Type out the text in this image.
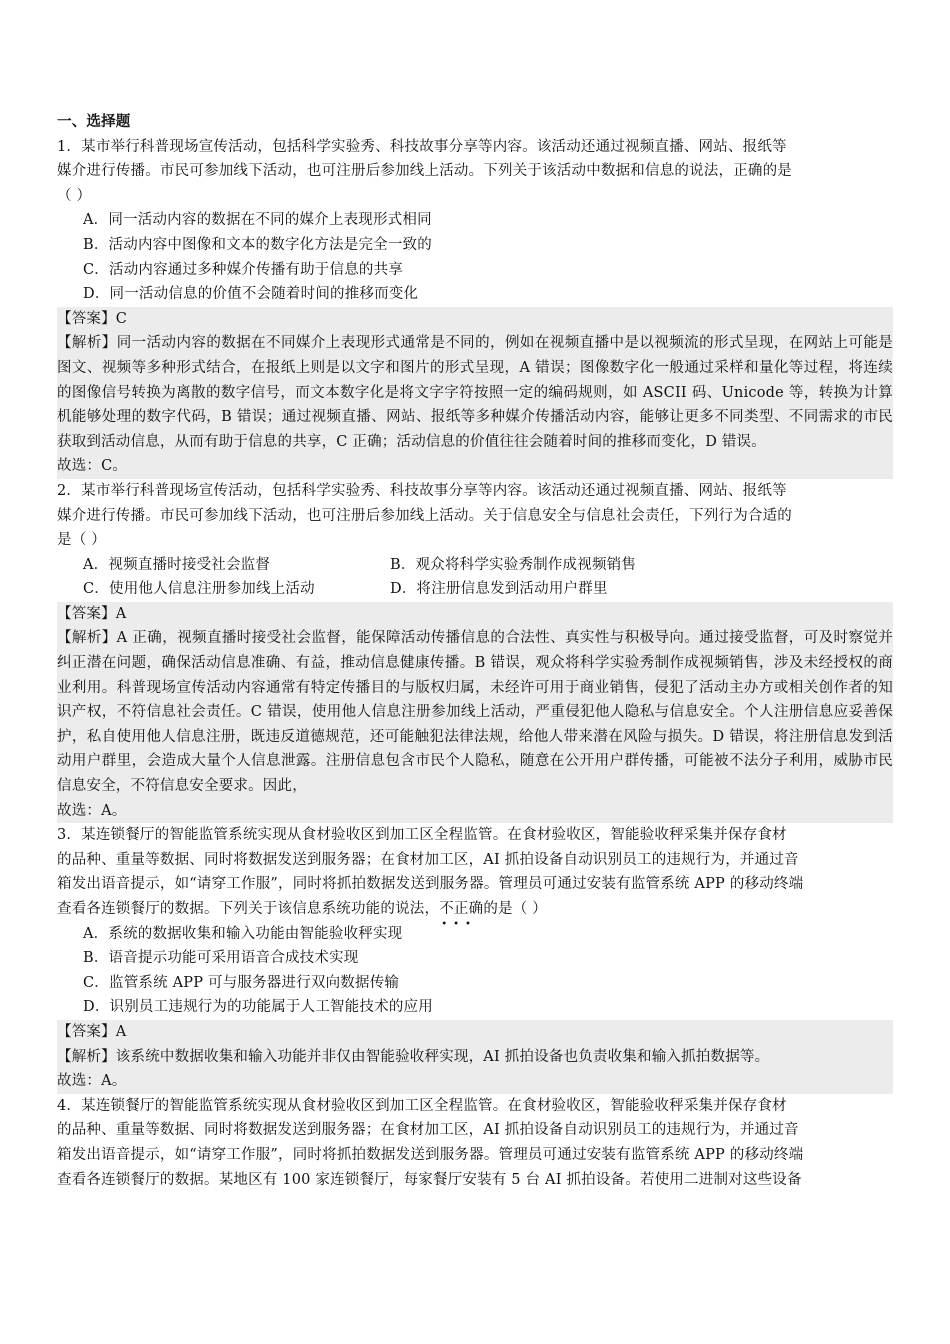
一、选择题
1．某市举行科普现场宣传活动，包括科学实验秀、科技故事分享等内容。该活动还通过视频直播、网站、报纸等
媒介进行传播。市民可参加线下活动，也可注册后参加线上活动。下列关于该活动中数据和信息的说法，正确的是
（ ）
A．同一活动内容的数据在不同的媒介上表现形式相同
B．活动内容中图像和文本的数字化方法是完全一致的
C．活动内容通过多种媒介传播有助于信息的共享
D．同一活动信息的价值不会随着时间的推移而变化
【答案】C
【解析】同一活动内容的数据在不同媒介上表现形式通常是不同的，例如在视频直播中是以视频流的形式呈现，在网站上可能是图文、视频等多种形式结合，在报纸上则是以文字和图片的形式呈现，A 错误；图像数字化一般通过采样和量化等过程，将连续的图像信号转换为离散的数字信号，而文本数字化是将文字字符按照一定的编码规则，如 ASCII 码、Unicode 等，转换为计算机能够处理的数字代码，B 错误；通过视频直播、网站、报纸等多种媒介传播活动内容，能够让更多不同类型、不同需求的市民获取到活动信息，从而有助于信息的共享，C 正确；活动信息的价值往往会随着时间的推移而变化，D 错误。
故选：C。
2．某市举行科普现场宣传活动，包括科学实验秀、科技故事分享等内容。该活动还通过视频直播、网站、报纸等
媒介进行传播。市民可参加线下活动，也可注册后参加线上活动。关于信息安全与信息社会责任，下列行为合适的
是（ ）
A．视频直播时接受社会监督	B．观众将科学实验秀制作成视频销售
C．使用他人信息注册参加线上活动	D．将注册信息发到活动用户群里
【答案】A
【解析】A 正确，视频直播时接受社会监督，能保障活动传播信息的合法性、真实性与积极导向。通过接受监督，可及时察觉并纠正潜在问题，确保活动信息准确、有益，推动信息健康传播。B 错误，观众将科学实验秀制作成视频销售，涉及未经授权的商业利用。科普现场宣传活动内容通常有特定传播目的与版权归属，未经许可用于商业销售，侵犯了活动主办方或相关创作者的知识产权，不符信息社会责任。C 错误，使用他人信息注册参加线上活动，严重侵犯他人隐私与信息安全。个人注册信息应妥善保护，私自使用他人信息注册，既违反道德规范，还可能触犯法律法规，给他人带来潜在风险与损失。D 错误，将注册信息发到活动用户群里，会造成大量个人信息泄露。注册信息包含市民个人隐私，随意在公开用户群传播，可能被不法分子利用，威胁市民信息安全，不符信息安全要求。因此，
故选：A。
3．某连锁餐厅的智能监管系统实现从食材验收区到加工区全程监管。在食材验收区，智能验收秤采集并保存食材
的品种、重量等数据、同时将数据发送到服务器；在食材加工区，AI 抓拍设备自动识别员工的违规行为，并通过音
箱发出语音提示，如“请穿工作服”，同时将抓拍数据发送到服务器。管理员可通过安装有监管系统 APP 的移动终端
查看各连锁餐厅的数据。下列关于该信息系统功能的说法，不正确
•••
的是（ ）
A．系统的数据收集和输入功能由智能验收秤实现
B．语音提示功能可采用语音合成技术实现
C．监管系统 APP 可与服务器进行双向数据传输
D．识别员工违规行为的功能属于人工智能技术的应用
【答案】A
【解析】该系统中数据收集和输入功能并非仅由智能验收秤实现，AI 抓拍设备也负责收集和输入抓拍数据等。
故选：A。
4．某连锁餐厅的智能监管系统实现从食材验收区到加工区全程监管。在食材验收区，智能验收秤采集并保存食材
的品种、重量等数据、同时将数据发送到服务器；在食材加工区，AI 抓拍设备自动识别员工的违规行为，并通过音
箱发出语音提示，如“请穿工作服”，同时将抓拍数据发送到服务器。管理员可通过安装有监管系统 APP 的移动终端
查看各连锁餐厅的数据。某地区有 100 家连锁餐厅，每家餐厅安装有 5 台 AI 抓拍设备。若使用二进制对这些设备
